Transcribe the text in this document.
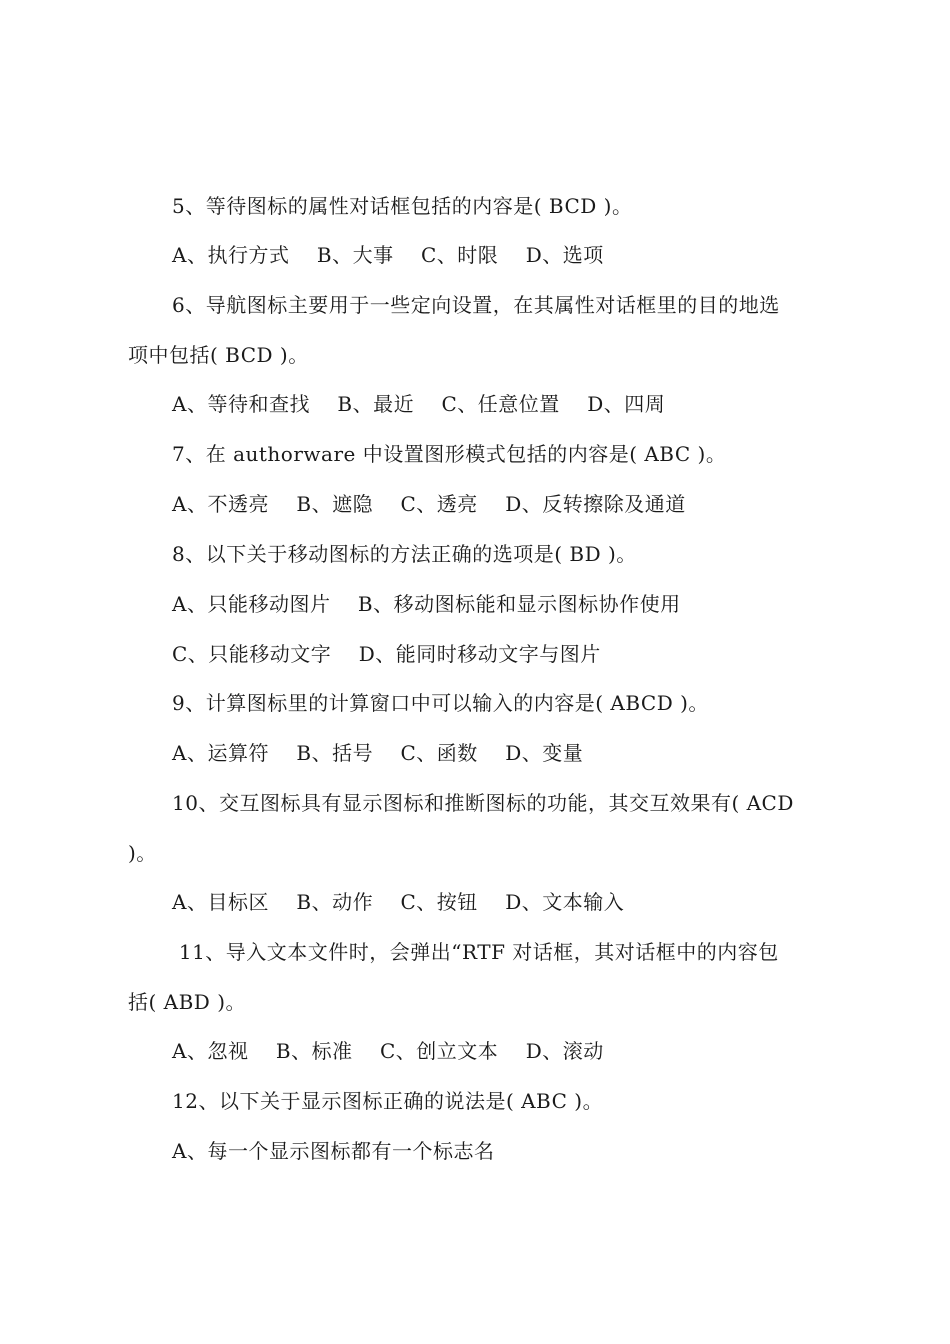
5、等待图标的属性对话框包括的内容是( BCD )。
A、执行方式    B、大事    C、时限    D、选项
6、导航图标主要用于一些定向设置，在其属性对话框里的目的地选
项中包括( BCD )。
A、等待和查找    B、最近    C、任意位置    D、四周
7、在 authorware 中设置图形模式包括的内容是( ABC )。
A、不透亮    B、遮隐    C、透亮    D、反转擦除及通道
8、以下关于移动图标的方法正确的选项是( BD )。
A、只能移动图片    B、移动图标能和显示图标协作使用
C、只能移动文字    D、能同时移动文字与图片
9、计算图标里的计算窗口中可以输入的内容是( ABCD )。
A、运算符    B、括号    C、函数    D、变量
10、交互图标具有显示图标和推断图标的功能，其交互效果有( ACD
)。
A、目标区    B、动作    C、按钮    D、文本输入
11、导入文本文件时，会弹出“RTF 对话框，其对话框中的内容包
括( ABD )。
A、忽视    B、标准    C、创立文本    D、滚动
12、以下关于显示图标正确的说法是( ABC )。
A、每一个显示图标都有一个标志名
